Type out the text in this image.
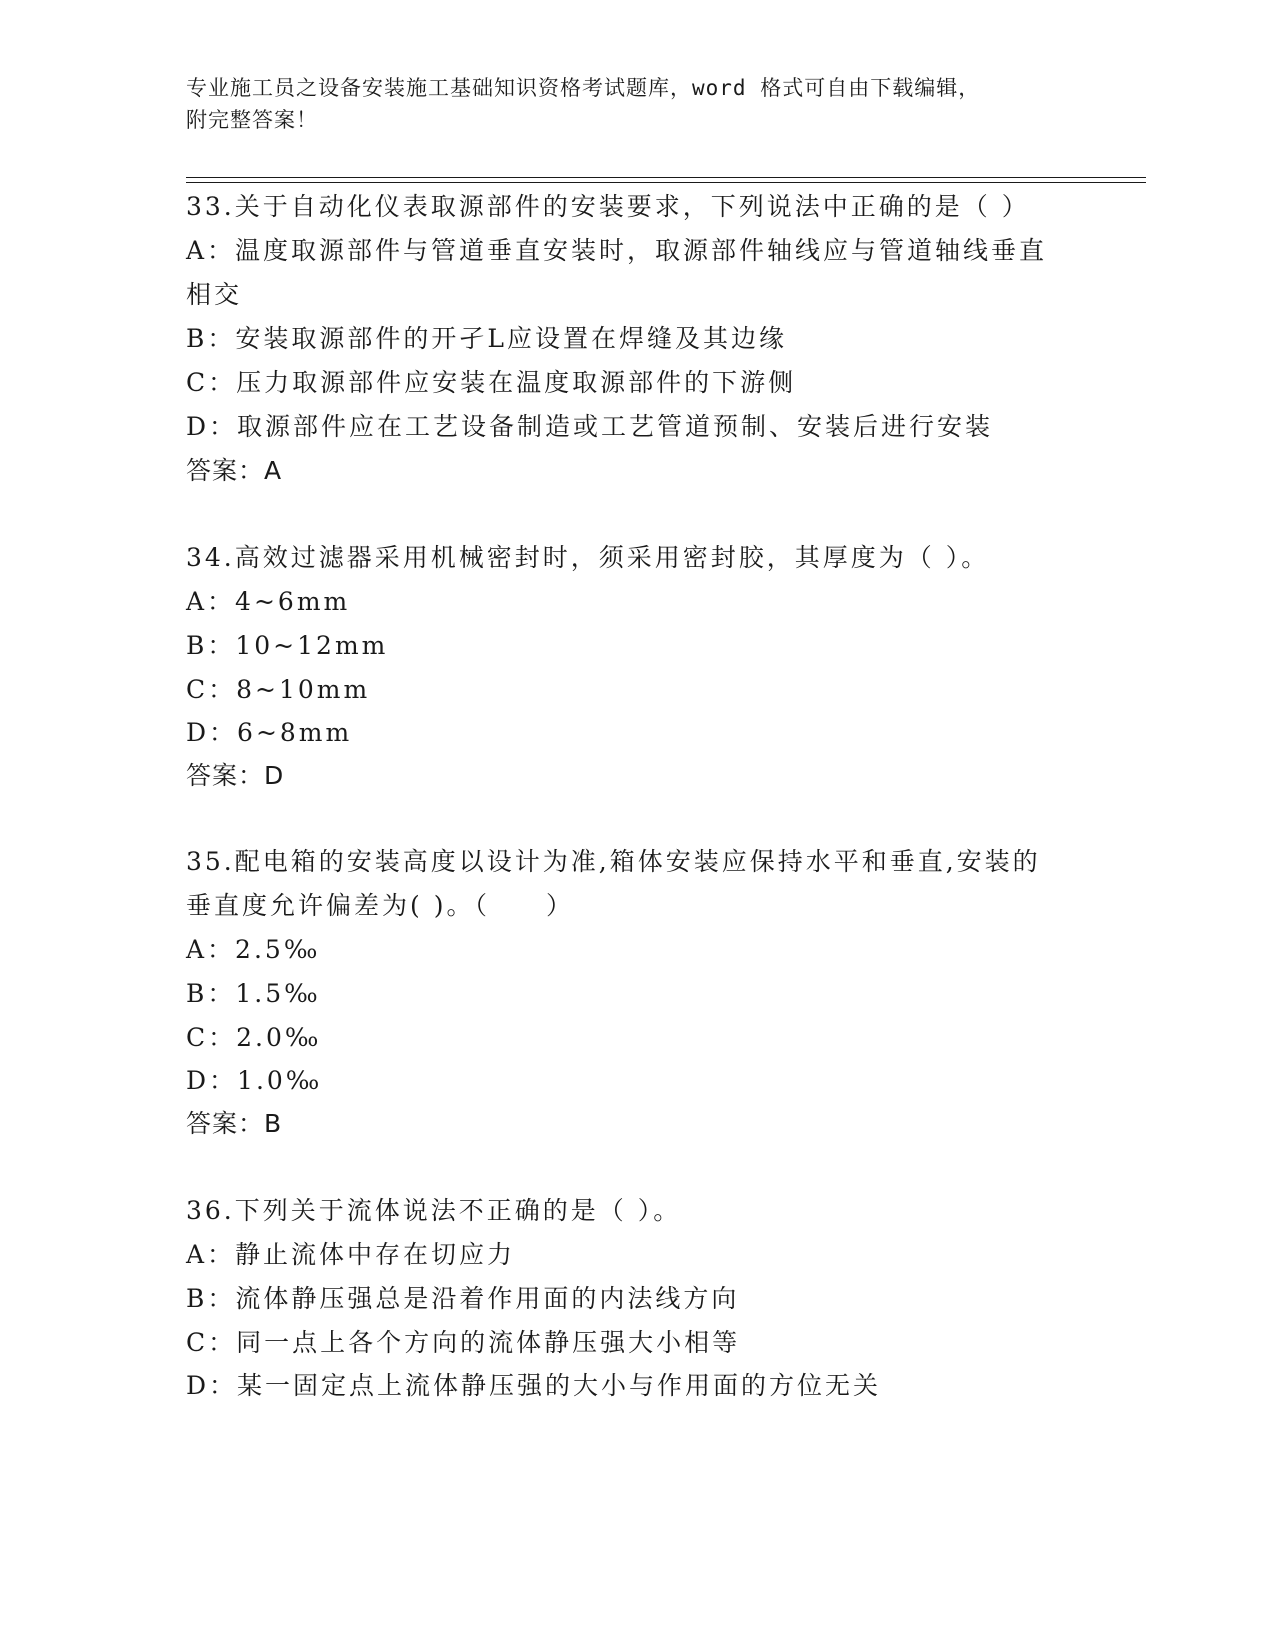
专业施工员之设备安装施工基础知识资格考试题库，word 格式可自由下载编辑，
附完整答案！
33.关于自动化仪表取源部件的安装要求，下列说法中正确的是（ ）
A：温度取源部件与管道垂直安装时，取源部件轴线应与管道轴线垂直
相交
B：安装取源部件的开孑L应设置在焊缝及其边缘
C：压力取源部件应安装在温度取源部件的下游侧
D：取源部件应在工艺设备制造或工艺管道预制、安装后进行安装
答案：A
34.高效过滤器采用机械密封时，须采用密封胶，其厚度为（ ）。
A：4~6mm
B：10~12mm
C：8~10mm
D：6~8mm
答案：D
35.配电箱的安装高度以设计为准,箱体安装应保持水平和垂直,安装的
垂直度允许偏差为( )。（　　）
A：2.5‰
B：1.5‰
C：2.0‰
D：1.0‰
答案：B
36.下列关于流体说法不正确的是（ ）。
A：静止流体中存在切应力
B：流体静压强总是沿着作用面的内法线方向
C：同一点上各个方向的流体静压强大小相等
D：某一固定点上流体静压强的大小与作用面的方位无关
